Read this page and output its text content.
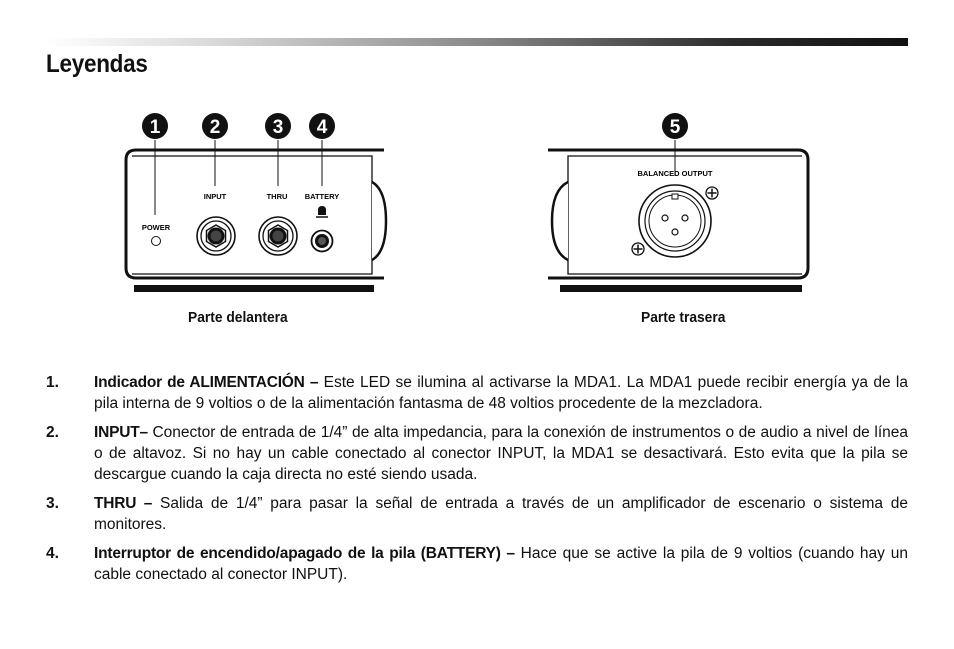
Leyendas
1	2	3 4
POWER
INPUT	THRU BATTERY
5
BALANCED OUTPUT
Parte delantera	Parte trasera
1.	Indicador de ALIMENTACIÓN – Este LED se ilumina al activarse la MDA1. La MDA1 puede recibir energía ya de la pila interna de 9 voltios o de la alimentación fantasma de 48 voltios procedente de la mezcladora.
2.	INPUT– Conector de entrada de 1/4” de alta impedancia, para la conexión de instrumentos o de audio a nivel de línea o de altavoz. Si no hay un cable conectado al conector INPUT, la MDA1 se desactivará. Esto evita que la pila se descargue cuando la caja directa no esté siendo usada.
3.	THRU – Salida de 1/4” para pasar la señal de entrada a través de un amplificador de escenario o sistema de monitores.
4.	Interruptor de encendido/apagado de la pila (BATTERY) – Hace que se active la pila de 9 voltios (cuando hay un cable conectado al conector INPUT).
